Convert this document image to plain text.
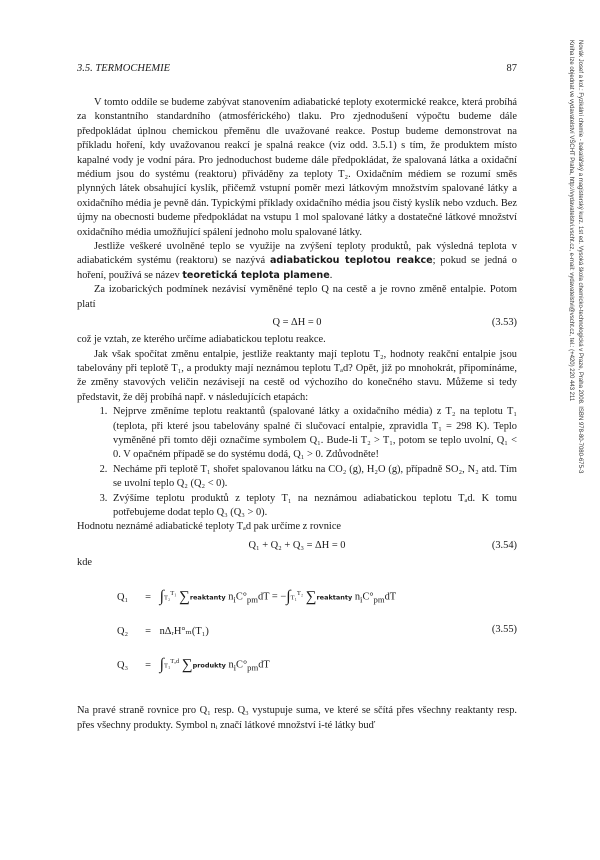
3.5. TERMOCHEMIE	87

V tomto oddíle se budeme zabývat stanovením adiabatické teploty exotermické reakce, která probíhá za konstantního standardního (atmosférického) tlaku. Pro zjednodušení výpočtu budeme dále předpokládat úplnou chemickou přeměnu dle uvažované reakce. Postup budeme demonstrovat na příkladu hoření, kdy uvažovanou reakcí je spalná reakce (viz odd. 3.5.1) s tím, že produktem místo kapalné vody je vodní pára. Pro jednoduchost budeme dále předpokládat, že spalovaná látka a oxidační médium jsou do systému (reaktoru) přiváděny za teploty T₂. Oxidačním médiem se rozumí směs plynných látek obsahující kyslík, přičemž vstupní poměr mezi látkovým množstvím spalované látky a oxidačního média je pevně dán. Typickými příklady oxidačního média jsou čistý kyslík nebo vzduch. Bez újmy na obecnosti budeme předpokládat na vstupu 1 mol spalované látky a dostatečné látkové množství oxidačního média umožňující spálení jednoho molu spalované látky.

Jestliže veškeré uvolněné teplo se využije na zvýšení teploty produktů, pak výsledná teplota v adiabatickém systému (reaktoru) se nazývá adiabatickou teplotou reakce; pokud se jedná o hoření, používá se název teoretická teplota plamene.

Za izobarických podmínek nezávisí vyměněné teplo Q na cestě a je rovno změně entalpie. Potom platí

Q = ΔH = 0	(3.53)

což je vztah, ze kterého určíme adiabatickou teplotu reakce.

Jak však spočítat změnu entalpie, jestliže reaktanty mají teplotu T₂, hodnoty reakční entalpie jsou tabelovány při teplotě T₁, a produkty mají neznámou teplotu Tₐd? Opět, již po mnohokrát, připomínáme, že změny stavových veličin nezávisejí na cestě od výchozího do konečného stavu. Můžeme si tedy představit, že děj probíhá např. v následujících etapách:

1. Nejprve změníme teplotu reaktantů (spalované látky a oxidačního média) z T₂ na teplotu T₁ (teplota, při které jsou tabelovány spalné či slučovací entalpie, zpravidla T₁ = 298 K). Teplo vyměněné při tomto ději označíme symbolem Q₁. Bude-li T₂ > T₁, potom se teplo uvolní, Q₁ < 0. V opačném případě se do systému dodá, Q₁ > 0. Zdůvodněte!
2. Necháme při teplotě T₁ shořet spalovanou látku na CO₂ (g), H₂O (g), případně SO₂, N₂ atd. Tím se uvolní teplo Q₂ (Q₂ < 0).
3. Zvýšíme teplotu produktů z teploty T₁ na neznámou adiabatickou teplotu Tₐd. K tomu potřebujeme dodat teplo Q₃ (Q₃ > 0).

Hodnotu neznámé adiabatické teploty Tₐd pak určíme z rovnice

Q₁ + Q₂ + Q₃ = ΔH = 0	(3.54)

kde

Q₁ = ∫T₂$^{T_1}$ ∑reaktanty $n_iC^\circ_{pm}dT = -\int T_1^{T_2}$ ∑reaktanty $n_iC^\circ_{pm}dT$
Q₂ = nΔᵣH°ₘ(T₁)
Q₃ = ∫T₁$^{T_ad}$ ∑produkty $n_iC^\circ_{pm}dT$
(3.55)

Na pravé straně rovnice pro Q₁ resp. Q₃ vystupuje suma, ve které se sčítá přes všechny reaktanty resp. přes všechny produkty. Symbol nᵢ značí látkové množství i-té látky buď

Novák Josef a kol.: Fyzikální chemie - bakalářský a magisterský kurz. 1st ed. Vysoká škola chemicko-technologická v Praze, Praha 2008. ISBN 978-80-7080-675-3
Kniha lze objednat ve vydavatelství VŠCHT Praha, http://vydavatelstvi.vscht.cz, e-mail: vydavatelstvi@vscht.cz, tel.: (+420) 220 443 211
